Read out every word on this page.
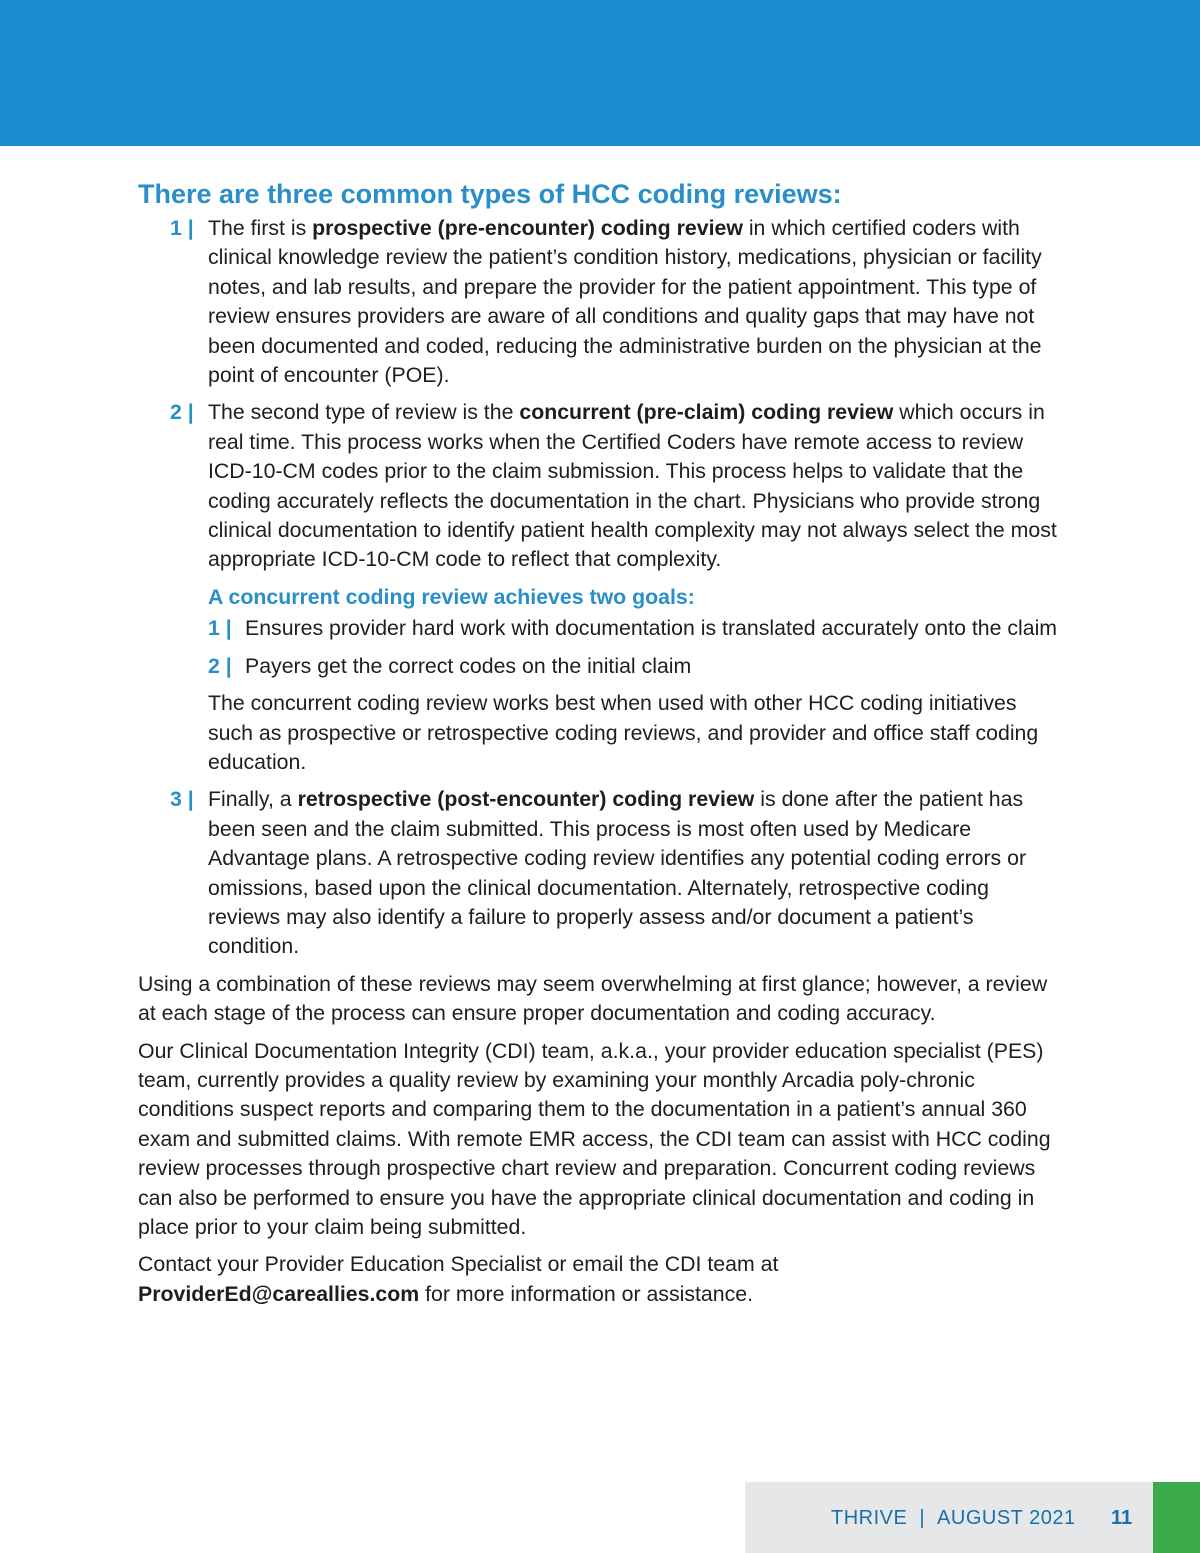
There are three common types of HCC coding reviews:
1 | The first is prospective (pre-encounter) coding review in which certified coders with clinical knowledge review the patient’s condition history, medications, physician or facility notes, and lab results, and prepare the provider for the patient appointment. This type of review ensures providers are aware of all conditions and quality gaps that may have not been documented and coded, reducing the administrative burden on the physician at the point of encounter (POE).
2 | The second type of review is the concurrent (pre-claim) coding review which occurs in real time. This process works when the Certified Coders have remote access to review ICD-10-CM codes prior to the claim submission. This process helps to validate that the coding accurately reflects the documentation in the chart. Physicians who provide strong clinical documentation to identify patient health complexity may not always select the most appropriate ICD-10-CM code to reflect that complexity.
A concurrent coding review achieves two goals:
1 | Ensures provider hard work with documentation is translated accurately onto the claim
2 | Payers get the correct codes on the initial claim

The concurrent coding review works best when used with other HCC coding initiatives such as prospective or retrospective coding reviews, and provider and office staff coding education.

3 | Finally, a retrospective (post-encounter) coding review is done after the patient has been seen and the claim submitted. This process is most often used by Medicare Advantage plans. A retrospective coding review identifies any potential coding errors or omissions, based upon the clinical documentation. Alternately, retrospective coding reviews may also identify a failure to properly assess and/or document a patient’s condition.

Using a combination of these reviews may seem overwhelming at first glance; however, a review at each stage of the process can ensure proper documentation and coding accuracy.

Our Clinical Documentation Integrity (CDI) team, a.k.a., your provider education specialist (PES) team, currently provides a quality review by examining your monthly Arcadia poly-chronic conditions suspect reports and comparing them to the documentation in a patient’s annual 360 exam and submitted claims. With remote EMR access, the CDI team can assist with HCC coding review processes through prospective chart review and preparation. Concurrent coding reviews can also be performed to ensure you have the appropriate clinical documentation and coding in place prior to your claim being submitted.

Contact your Provider Education Specialist or email the CDI team at ProviderEd@careallies.com for more information or assistance.

THRIVE | AUGUST 2021 11
